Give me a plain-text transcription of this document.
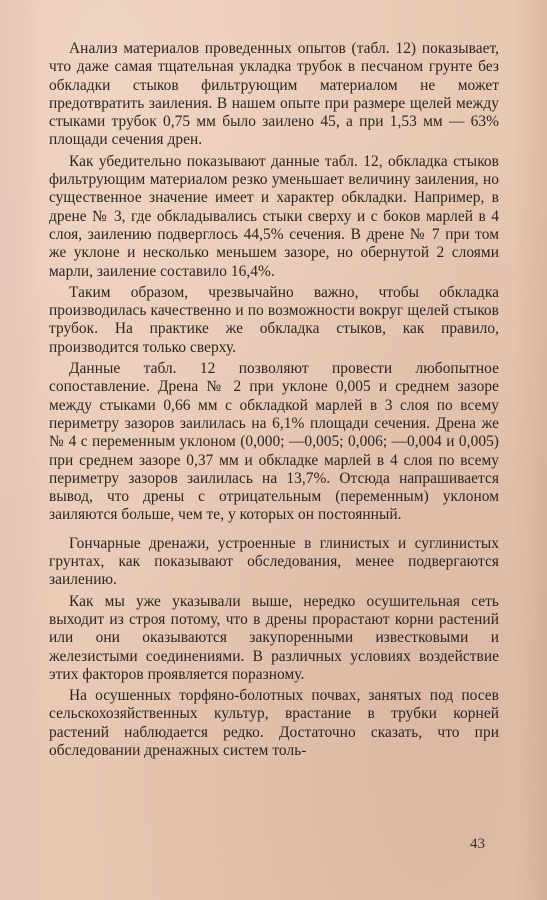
Анализ материалов проведенных опытов (табл. 12) показывает, что даже самая тщательная укладка трубок в песчаном грунте без обкладки стыков фильтрующим материалом не может предотвратить заиления. В нашем опыте при размере щелей между стыками трубок 0,75 мм было заилено 45, а при 1,53 мм — 63% площади сечения дрен.

Как убедительно показывают данные табл. 12, обкладка стыков фильтрующим материалом резко уменьшает величину заиления, но существенное значение имеет и характер обкладки. Например, в дрене № 3, где обкладывались стыки сверху и с боков марлей в 4 слоя, заилению подверглось 44,5% сечения. В дрене № 7 при том же уклоне и несколько меньшем зазоре, но обернутой 2 слоями марли, заиление составило 16,4%.

Таким образом, чрезвычайно важно, чтобы обкладка производилась качественно и по возможности вокруг щелей стыков трубок. На практике же обкладка стыков, как правило, производится только сверху.

Данные табл. 12 позволяют провести любопытное сопоставление. Дрена № 2 при уклоне 0,005 и среднем зазоре между стыками 0,66 мм с обкладкой марлей в 3 слоя по всему периметру зазоров заилилась на 6,1% площади сечения. Дрена же № 4 с переменным уклоном (0,000; —0,005; 0,006; —0,004 и 0,005) при среднем зазоре 0,37 мм и обкладке марлей в 4 слоя по всему периметру зазоров заилилась на 13,7%. Отсюда напрашивается вывод, что дрены с отрицательным (переменным) уклоном заиляются больше, чем те, у которых он постоянный.

Гончарные дренажи, устроенные в глинистых и суглинистых грунтах, как показывают обследования, менее подвергаются заилению.

Как мы уже указывали выше, нередко осушительная сеть выходит из строя потому, что в дрены прорастают корни растений или они оказываются закупоренными известковыми и железистыми соединениями. В различных условиях воздействие этих факторов проявляется поразному.

На осушенных торфяно-болотных почвах, занятых под посев сельскохозяйственных культур, врастание в трубки корней растений наблюдается редко. Достаточно сказать, что при обследовании дренажных систем толь-

43
